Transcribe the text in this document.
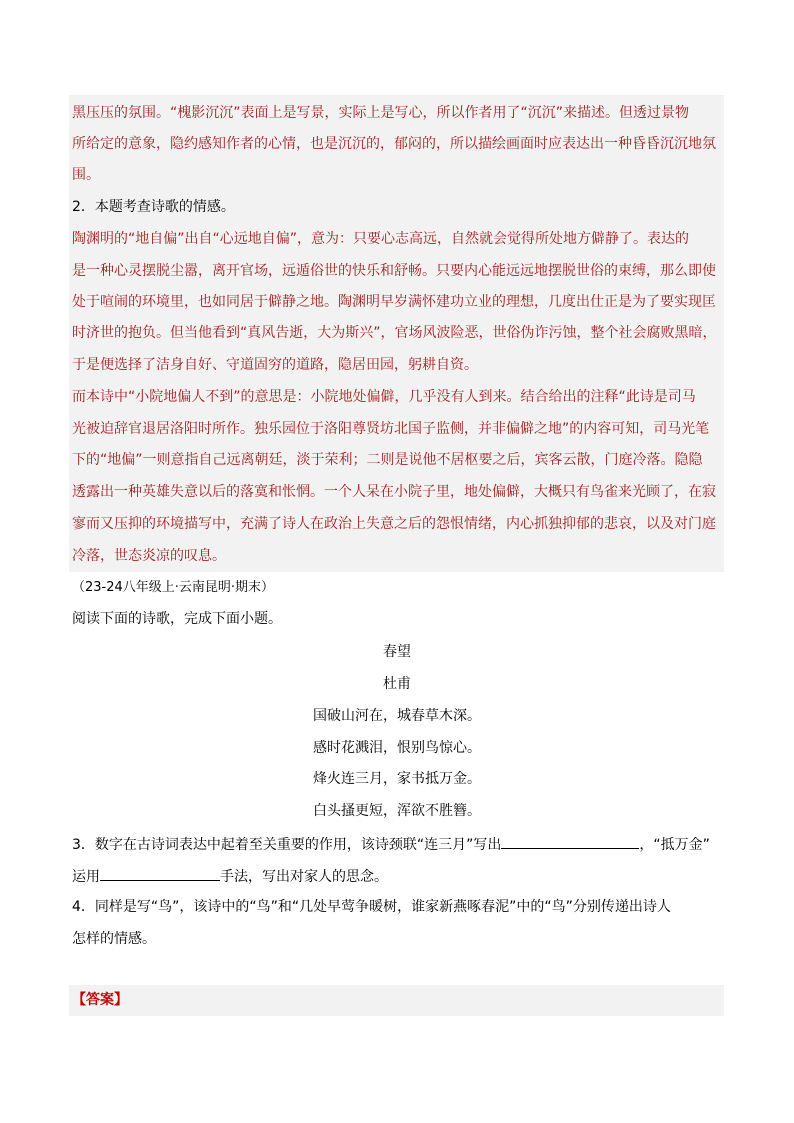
黑压压的氛围。“槐影沉沉”表面上是写景，实际上是写心，所以作者用了“沉沉”来描述。但透过景物
所给定的意象，隐约感知作者的心情，也是沉沉的，郁闷的，所以描绘画面时应表达出一种昏昏沉沉地氛
围。
2．本题考查诗歌的情感。
陶渊明的“地自偏”出自“心远地自偏”，意为：只要心志高远，自然就会觉得所处地方僻静了。表达的
是一种心灵摆脱尘嚣，离开官场，远遁俗世的快乐和舒畅。只要内心能远远地摆脱世俗的束缚，那么即使
处于喧闹的环境里，也如同居于僻静之地。陶渊明早岁满怀建功立业的理想，几度出仕正是为了要实现匡
时济世的抱负。但当他看到“真风告逝，大为斯兴”，官场风波险恶，世俗伪诈污蚀，整个社会腐败黑暗，
于是便选择了洁身自好、守道固穷的道路，隐居田园，躬耕自资。
而本诗中“小院地偏人不到”的意思是：小院地处偏僻，几乎没有人到来。结合给出的注释“此诗是司马
光被迫辞官退居洛阳时所作。独乐园位于洛阳尊贤坊北国子监侧，并非偏僻之地”的内容可知，司马光笔
下的“地偏”一则意指自己远离朝廷，淡于荣利；二则是说他不居枢要之后，宾客云散，门庭冷落。隐隐
透露出一种英雄失意以后的落寞和怅惘。一个人呆在小院子里，地处偏僻，大概只有鸟雀来光顾了，在寂
寥而又压抑的环境描写中，充满了诗人在政治上失意之后的怨恨情绪，内心抓独抑郁的悲哀，以及对门庭
冷落，世态炎凉的叹息。
（23-24八年级上·云南昆明·期末）
阅读下面的诗歌，完成下面小题。
春望
杜甫
国破山河在，城春草木深。
感时花溅泪，恨别鸟惊心。
烽火连三月，家书抵万金。
白头搔更短，浑欲不胜簪。
3．数字在古诗词表达中起着至关重要的作用，该诗颈联“连三月”写出	，“抵万金”
运用	手法，写出对家人的思念。
4．同样是写“鸟”，该诗中的“鸟”和“几处早莺争暖树，谁家新燕啄春泥”中的“鸟”分别传递出诗人
怎样的情感。
【答案】
